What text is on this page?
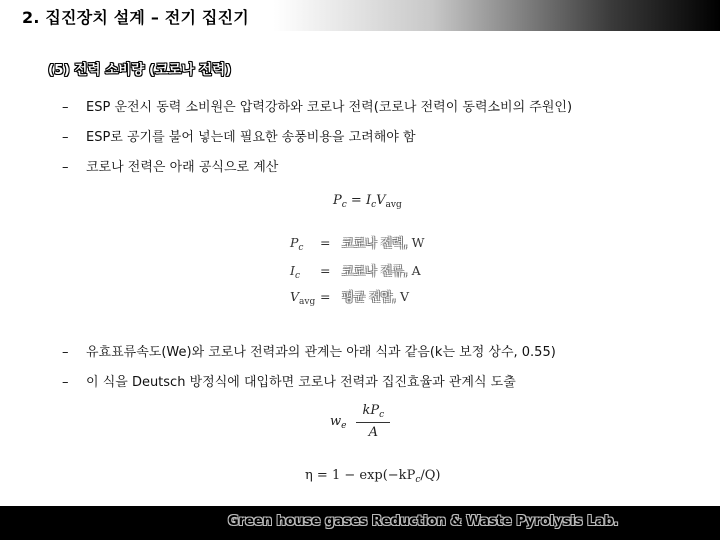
2. 집진장치 설계 – 전기 집진기
(5) 전력 소비량 (코로나 전력)
– ESP 운전시 동력 소비원은 압력강하와 코로나 전력(코로나 전력이 동력소비의 주원인)
– ESP로 공기를 불어 넣는데 필요한 송풍비용을 고려해야 함
– 코로나 전력은 아래 공식으로 계산
$P_c = I_cV_{avg}$
$P_c$ = 코로나 전력, W
$I_c$ = 코로나 전류, A
$V_{avg}$ = 평균 전압, V
– 유효표류속도(We)와 코로나 전력과의 관계는 아래 식과 같음(k는 보정 상수, 0.55)
– 이 식을 Deutsch 방정식에 대입하면 코로나 전력과 집진효율과 관계식 도출
$w_e \frac{kP_c}{A}$
$\eta = 1 - \exp(-kP_c/Q)$
Green house gases Reduction & Waste Pyrolysis Lab.
